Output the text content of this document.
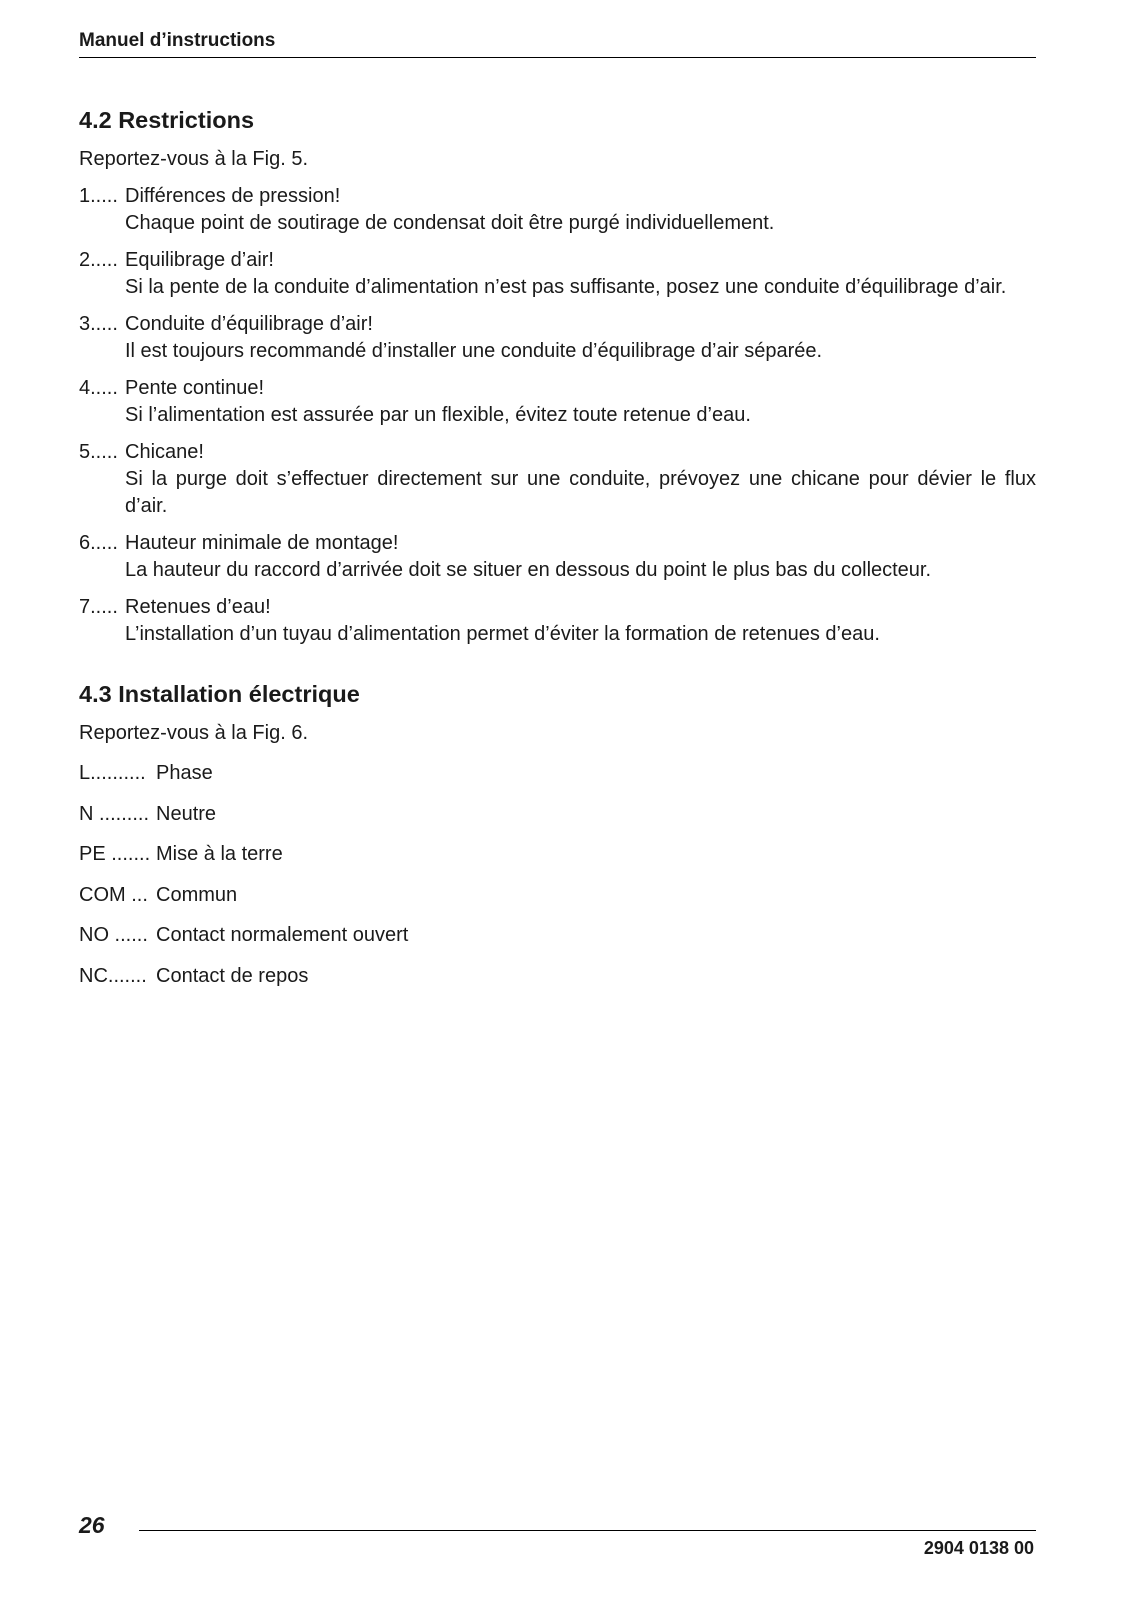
Manuel d’instructions
4.2 Restrictions

Reportez-vous à la Fig. 5.

1..... Différences de pression!
Chaque point de soutirage de condensat doit être purgé individuellement.
2..... Equilibrage d’air!
Si la pente de la conduite d’alimentation n’est pas suffisante, posez une conduite d’équilibrage d’air.
3..... Conduite d’équilibrage d’air!
Il est toujours recommandé d’installer une conduite d’équilibrage d’air séparée.
4..... Pente continue!
Si l’alimentation est assurée par un flexible, évitez toute retenue d’eau.
5..... Chicane!
Si la purge doit s’effectuer directement sur une conduite, prévoyez une chicane pour dévier le flux d’air.
6..... Hauteur minimale de montage!
La hauteur du raccord d’arrivée doit se situer en dessous du point le plus bas du collecteur.
7..... Retenues d’eau!
L’installation d’un tuyau d’alimentation permet d’éviter la formation de retenues d’eau.
4.3 Installation électrique

Reportez-vous à la Fig. 6.

L.......... Phase
N ......... Neutre
PE ....... Mise à la terre
COM ... Commun
NO ...... Contact normalement ouvert
NC....... Contact de repos
26
2904 0138 00
